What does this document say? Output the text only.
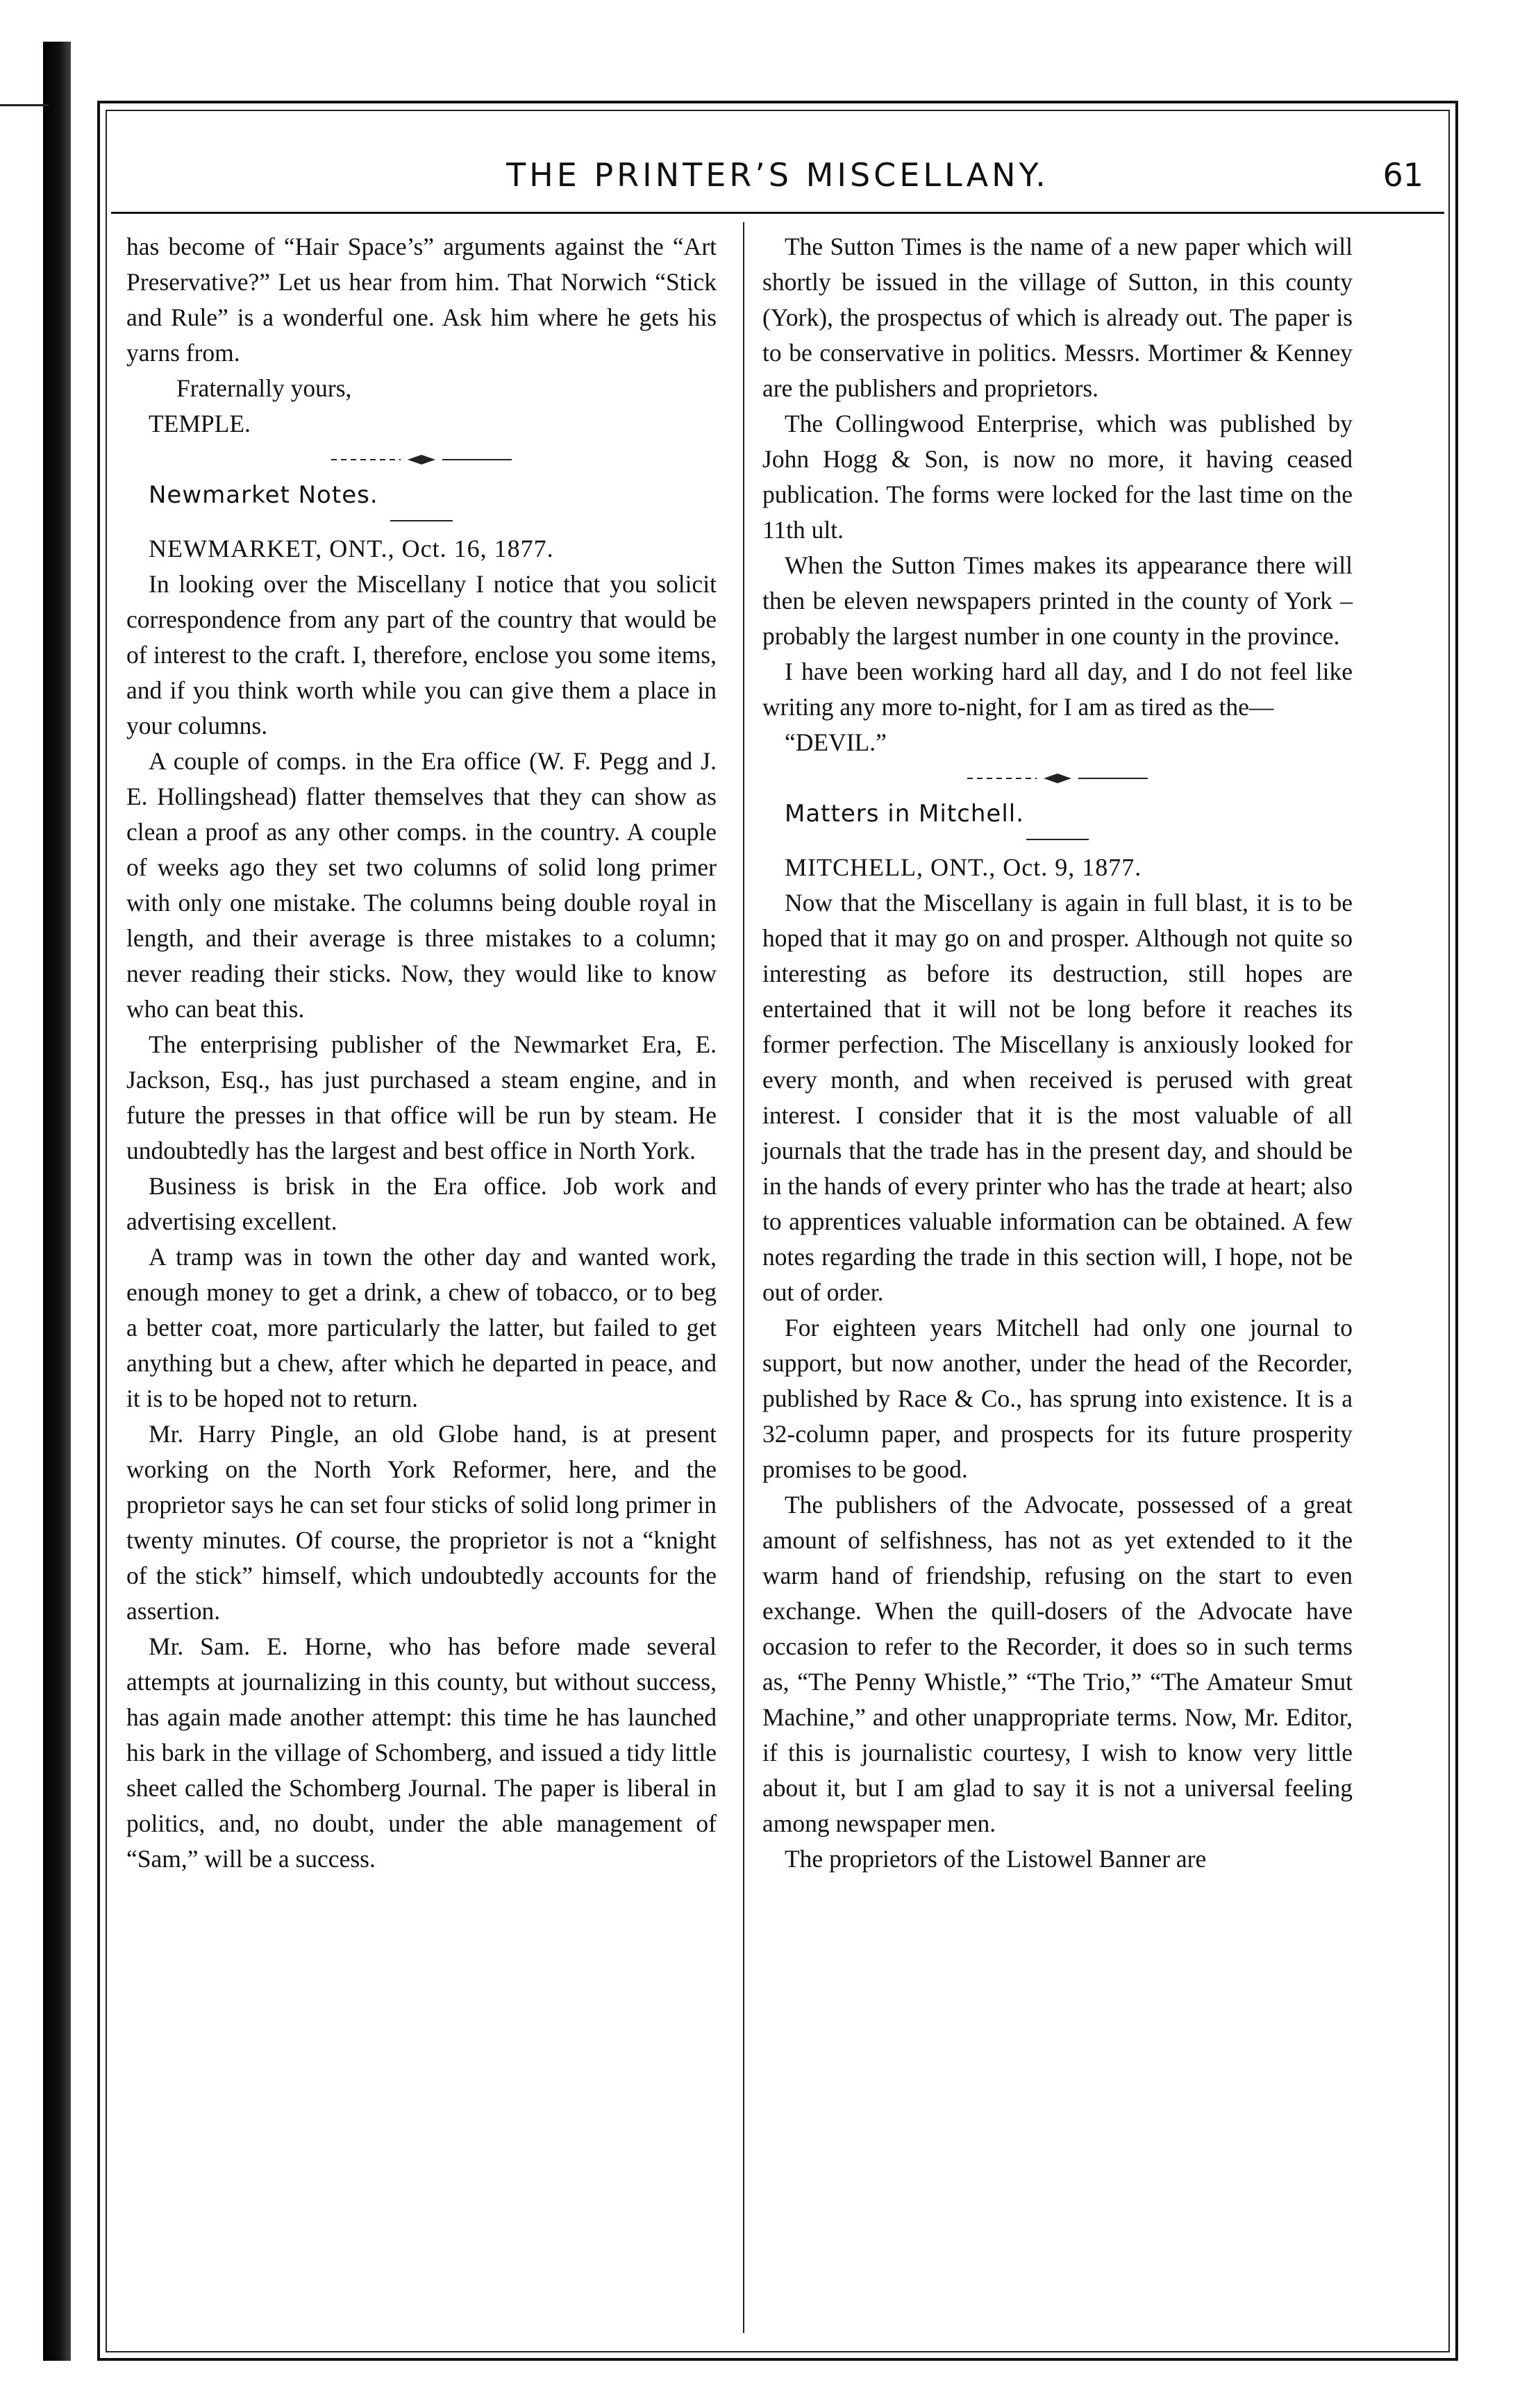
THE PRINTER’S MISCELLANY.	61

has become of “Hair Space’s” arguments against the “Art Preservative?” Let us hear from him. That Norwich “Stick and Rule” is a wonderful one. Ask him where he gets his yarns from.

Fraternally yours,

TEMPLE.

Newmarket Notes.

NEWMARKET, ONT., Oct. 16, 1877.

In looking over the Miscellany I notice that you solicit correspondence from any part of the country that would be of interest to the craft. I, therefore, enclose you some items, and if you think worth while you can give them a place in your columns.

A couple of comps. in the Era office (W. F. Pegg and J. E. Hollingshead) flatter themselves that they can show as clean a proof as any other comps. in the country. A couple of weeks ago they set two columns of solid long primer with only one mistake. The columns being double royal in length, and their average is three mistakes to a column; never reading their sticks. Now, they would like to know who can beat this.

The enterprising publisher of the Newmarket Era, E. Jackson, Esq., has just purchased a steam engine, and in future the presses in that office will be run by steam. He undoubtedly has the largest and best office in North York.

Business is brisk in the Era office. Job work and advertising excellent.

A tramp was in town the other day and wanted work, enough money to get a drink, a chew of tobacco, or to beg a better coat, more particularly the latter, but failed to get anything but a chew, after which he departed in peace, and it is to be hoped not to return.

Mr. Harry Pingle, an old Globe hand, is at present working on the North York Reformer, here, and the proprietor says he can set four sticks of solid long primer in twenty minutes. Of course, the proprietor is not a “knight of the stick” himself, which undoubtedly accounts for the assertion.

Mr. Sam. E. Horne, who has before made several attempts at journalizing in this county, but without success, has again made another attempt: this time he has launched his bark in the village of Schomberg, and issued a tidy little sheet called the Schomberg Journal. The paper is liberal in politics, and, no doubt, under the able management of “Sam,” will be a success.

The Sutton Times is the name of a new paper which will shortly be issued in the village of Sutton, in this county (York), the prospectus of which is already out. The paper is to be conservative in politics. Messrs. Mortimer & Kenney are the publishers and proprietors.

The Collingwood Enterprise, which was published by John Hogg & Son, is now no more, it having ceased publication. The forms were locked for the last time on the 11th ult.

When the Sutton Times makes its appearance there will then be eleven newspapers printed in the county of York – probably the largest number in one county in the province.

I have been working hard all day, and I do not feel like writing any more to-night, for I am as tired as the—

“DEVIL.”

Matters in Mitchell.

MITCHELL, ONT., Oct. 9, 1877.

Now that the Miscellany is again in full blast, it is to be hoped that it may go on and prosper. Although not quite so interesting as before its destruction, still hopes are entertained that it will not be long before it reaches its former perfection. The Miscellany is anxiously looked for every month, and when received is perused with great interest. I consider that it is the most valuable of all journals that the trade has in the present day, and should be in the hands of every printer who has the trade at heart; also to apprentices valuable information can be obtained. A few notes regarding the trade in this section will, I hope, not be out of order.

For eighteen years Mitchell had only one journal to support, but now another, under the head of the Recorder, published by Race & Co., has sprung into existence. It is a 32-column paper, and prospects for its future prosperity promises to be good.

The publishers of the Advocate, possessed of a great amount of selfishness, has not as yet extended to it the warm hand of friendship, refusing on the start to even exchange. When the quill-dosers of the Advocate have occasion to refer to the Recorder, it does so in such terms as, “The Penny Whistle,” “The Trio,” “The Amateur Smut Machine,” and other unappropriate terms. Now, Mr. Editor, if this is journalistic courtesy, I wish to know very little about it, but I am glad to say it is not a universal feeling among newspaper men.

The proprietors of the Listowel Banner are
